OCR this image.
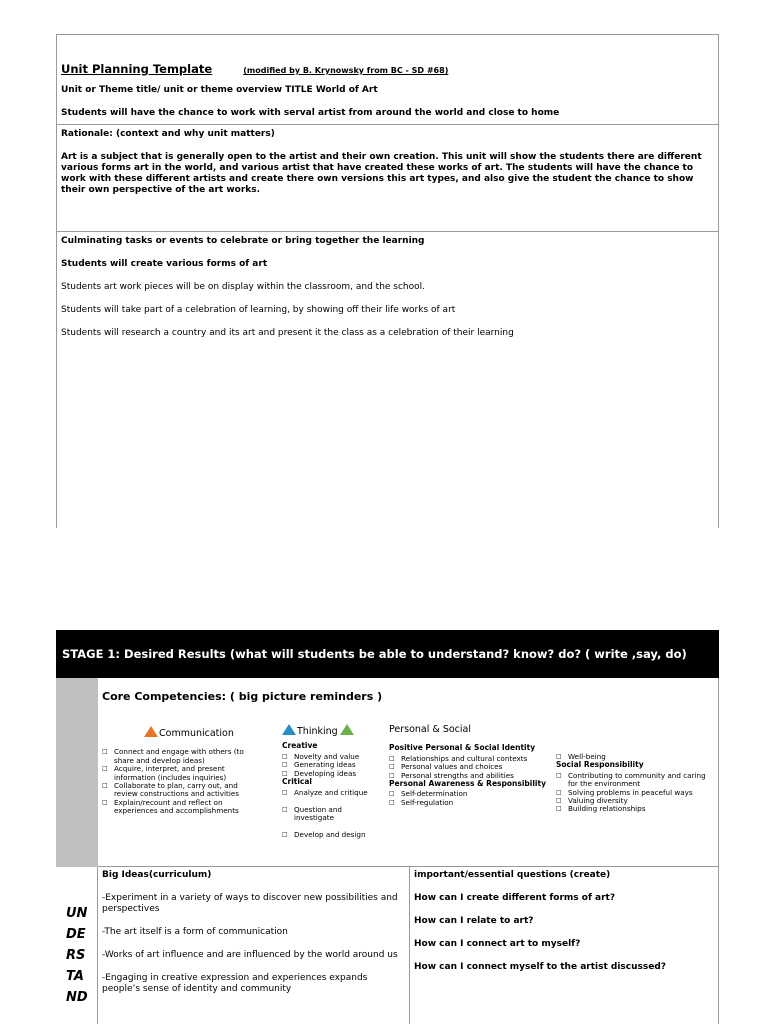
Unit Planning Template	(modified by B. Krynowsky from BC - SD #68)
Unit or Theme title/ unit or theme overview TITLE World of Art
Students will have the chance to work with serval artist from around the world and close to home
Rationale: (context and why unit matters)
Art is a subject that is generally open to the artist and their own creation. This unit will show the students there are different various forms art in the world, and various artist that have created these works of art. The students will have the chance to work with these different artists and create there own versions this art types, and also give the student the chance to show their own perspective of the art works.
Culminating tasks or events to celebrate or bring together the learning
Students will create various forms of art
Students art work pieces will be on display within the classroom, and the school.
Students will take part of a celebration of learning, by showing off their life works of art
Students will research a country and its art and present it the class as a celebration of their learning
STAGE 1: Desired Results (what will students be able to understand? know? do? ( write ,say, do)
Core Competencies: ( big picture reminders )
Communication
□ Connect and engage with others (to share and develop ideas)
□ Acquire, interpret, and present information (includes inquiries)
□ Collaborate to plan, carry out, and review constructions and activities
□ Explain/recount and reflect on experiences and accomplishments
Thinking
Creative
□ Novelty and value
□ Generating ideas
□ Developing ideas
Critical
□ Analyze and critique
□ Question and investigate
□ Develop and design
Personal & Social
Positive Personal & Social Identity
□ Relationships and cultural contexts
□ Personal values and choices
□ Personal strengths and abilities
Personal Awareness & Responsibility
□ Self-determination
□ Self-regulation
□ Well-being
Social Responsibility
□ Contributing to community and caring for the environment
□ Solving problems in peaceful ways
□ Valuing diversity
□ Building relationships
UN
DE
RS
TA
ND
Big Ideas(curriculum)
-Experiment in a variety of ways to discover new possibilities and perspectives
-The art itself is a form of communication
-Works of art influence and are influenced by the world around us
-Engaging in creative expression and experiences expands people’s sense of identity and community
important/essential questions (create)
How can I create different forms of art?
How can I relate to art?
How can I connect art to myself?
How can I connect myself to the artist discussed?
